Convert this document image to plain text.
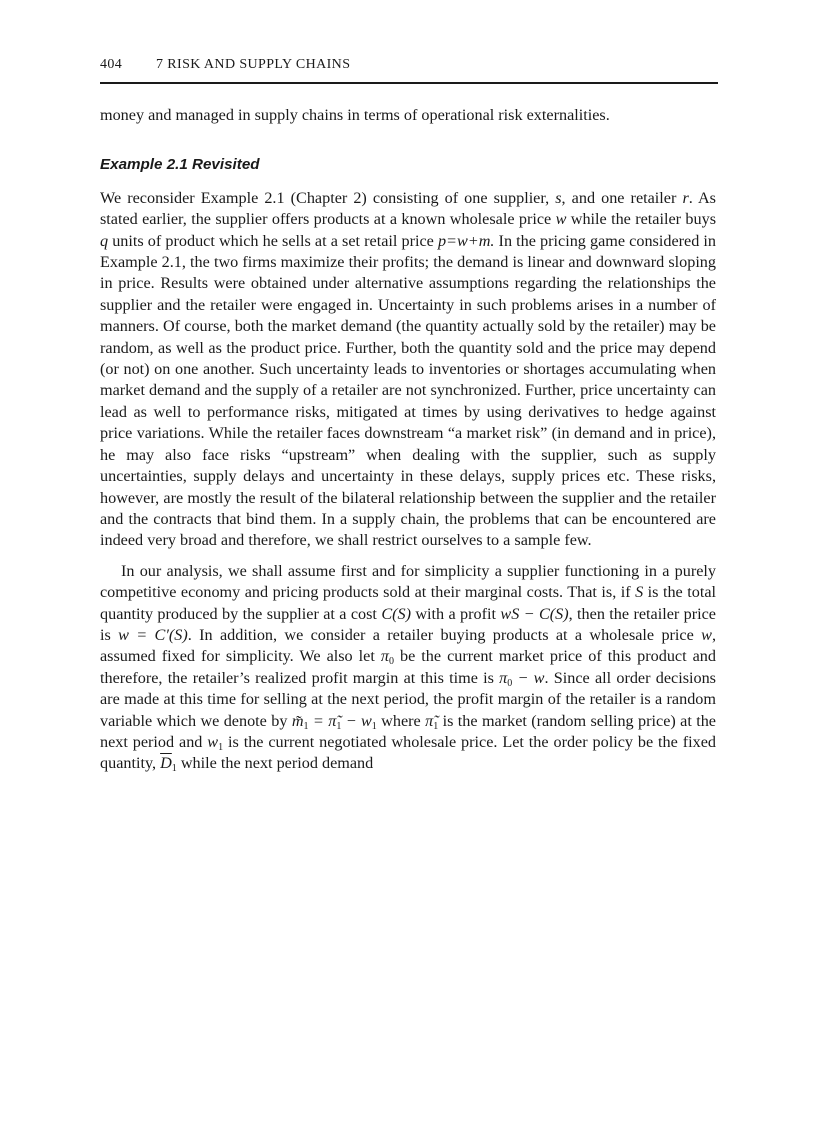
404 7 RISK AND SUPPLY CHAINS

money and managed in supply chains in terms of operational risk externalities.

Example 2.1 Revisited

We reconsider Example 2.1 (Chapter 2) consisting of one supplier, s, and one retailer r. As stated earlier, the supplier offers products at a known wholesale price w while the retailer buys q units of product which he sells at a set retail price p=w+m. In the pricing game considered in Example 2.1, the two firms maximize their profits; the demand is linear and downward sloping in price. Results were obtained under alternative assumptions regarding the relationships the supplier and the retailer were engaged in. Uncertainty in such problems arises in a number of manners. Of course, both the market demand (the quantity actually sold by the retailer) may be random, as well as the product price. Further, both the quantity sold and the price may depend (or not) on one another. Such uncertainty leads to inventories or shortages accumulating when market demand and the supply of a retailer are not synchronized. Further, price uncertainty can lead as well to performance risks, mitigated at times by using derivatives to hedge against price variations. While the retailer faces downstream “a market risk” (in demand and in price), he may also face risks “upstream” when dealing with the supplier, such as supply uncertainties, supply delays and uncertainty in these delays, supply prices etc. These risks, however, are mostly the result of the bilateral relationship between the supplier and the retailer and the contracts that bind them. In a supply chain, the problems that can be encountered are indeed very broad and therefore, we shall restrict ourselves to a sample few.

In our analysis, we shall assume first and for simplicity a supplier functioning in a purely competitive economy and pricing products sold at their marginal costs. That is, if S is the total quantity produced by the supplier at a cost C(S) with a profit wS − C(S), then the retailer price is w = C′(S). In addition, we consider a retailer buying products at a wholesale price w, assumed fixed for simplicity. We also let $\pi_0$ be the current market price of this product and therefore, the retailer’s realized profit margin at this time is $\pi_0 - w$. Since all order decisions are made at this time for selling at the next period, the profit margin of the retailer is a random variable which we denote by $m̃_1$ = $\pĩ_1 - w_1$ where $\pĩ_1$ is the market (random selling price) at the next period and $w_1$ is the current negotiated wholesale price. Let the order policy be the fixed quantity, $\overline{D}_1$ while the next period demand
